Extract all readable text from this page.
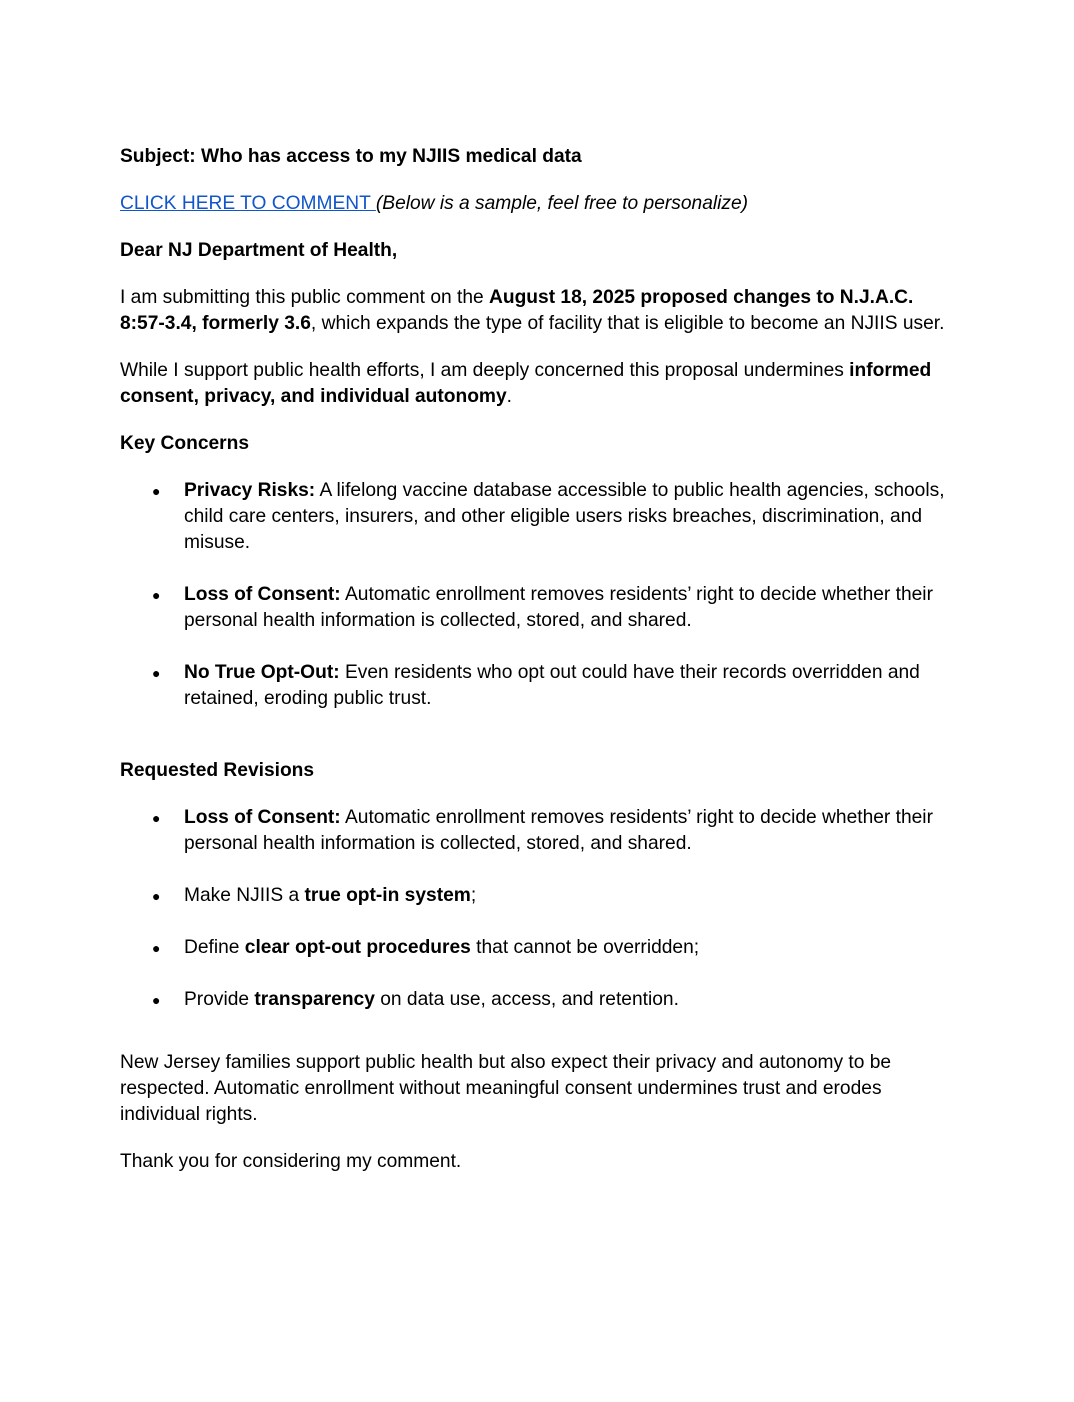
Subject: Who has access to my NJIIS medical data

CLICK HERE TO COMMENT (Below is a sample, feel free to personalize)

Dear NJ Department of Health,

I am submitting this public comment on the August 18, 2025 proposed changes to N.J.A.C. 8:57-3.4, formerly 3.6, which expands the type of facility that is eligible to become an NJIIS user.

While I support public health efforts, I am deeply concerned this proposal undermines informed consent, privacy, and individual autonomy.

Key Concerns

● Privacy Risks: A lifelong vaccine database accessible to public health agencies, schools, child care centers, insurers, and other eligible users risks breaches, discrimination, and misuse.
● Loss of Consent: Automatic enrollment removes residents’ right to decide whether their personal health information is collected, stored, and shared.
● No True Opt-Out: Even residents who opt out could have their records overridden and retained, eroding public trust.

Requested Revisions

● Loss of Consent: Automatic enrollment removes residents’ right to decide whether their personal health information is collected, stored, and shared.
● Make NJIIS a true opt-in system;
● Define clear opt-out procedures that cannot be overridden;
● Provide transparency on data use, access, and retention.

New Jersey families support public health but also expect their privacy and autonomy to be respected. Automatic enrollment without meaningful consent undermines trust and erodes individual rights.

Thank you for considering my comment.
